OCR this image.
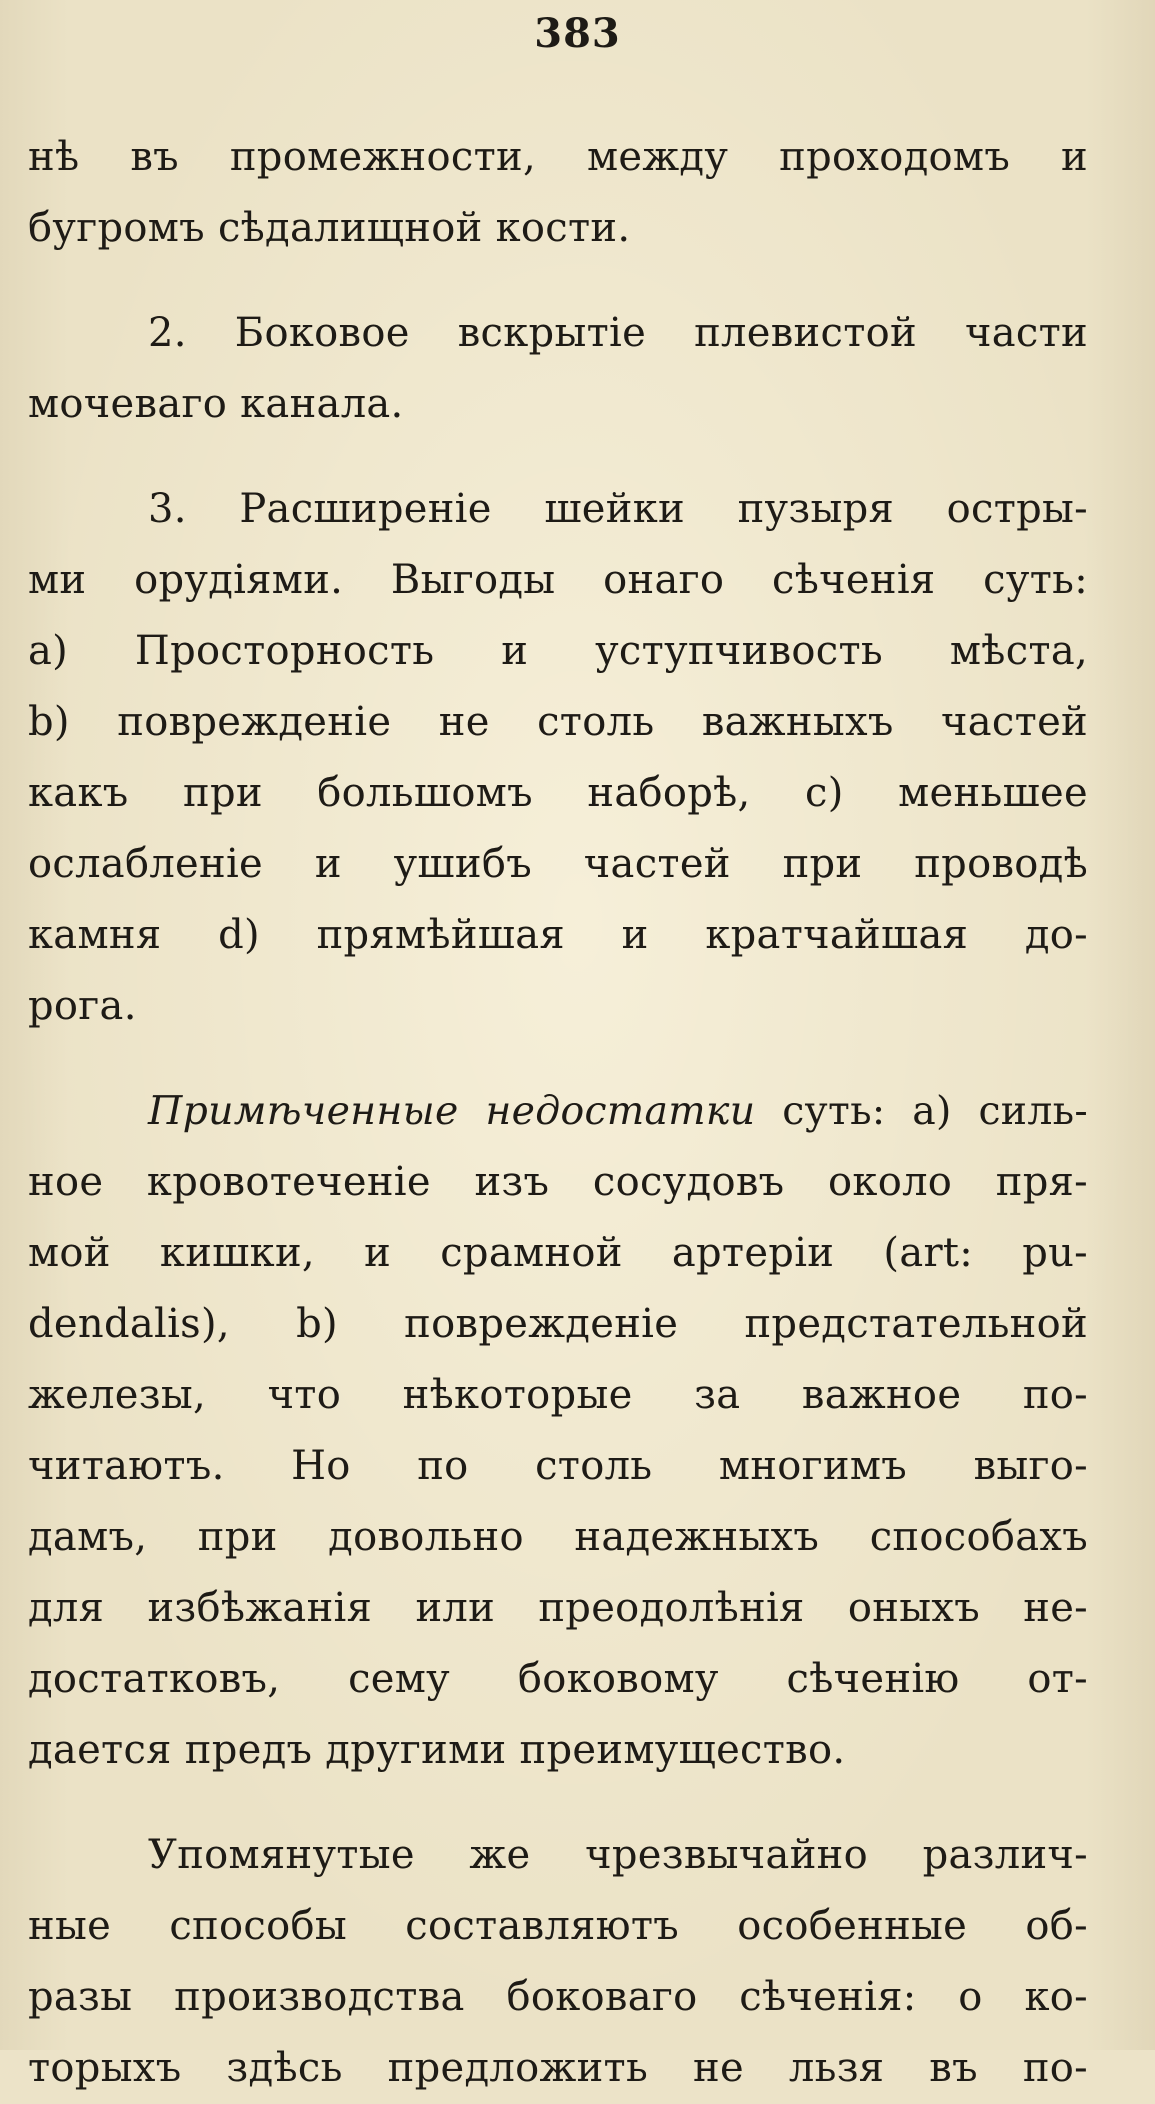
383
нѣ въ промежности, между проходомъ и
бугромъ сѣдалищной кости.
2. Боковое вскрытіе плевистой части
мочеваго канала.
3. Расширеніе шейки пузыря остры-
ми орудіями. Выгоды онаго сѣченія суть:
a) Просторность и уступчивость мѣста,
b) поврежденіе не столь важныхъ частей
какъ при большомъ наборѣ, c) меньшее
ослабленіе и ушибъ частей при проводѣ
камня d) прямѣйшая и кратчайшая до-
рога.
Примѣченные недостатки суть: a) силь-
ное кровотеченіе изъ сосудовъ около пря-
мой кишки, и срамной артеріи (art: pu-
dendalis), b) поврежденіе предстательной
железы, что нѣкоторые за важное по-
читаютъ. Но по столь многимъ выго-
дамъ, при довольно надежныхъ способахъ
для избѣжанія или преодолѣнія оныхъ не-
достатковъ, сему боковому сѣченію от-
дается предъ другими преимущество.
Упомянутые же чрезвычайно различ-
ные способы составляютъ особенные об-
разы производства боковаго сѣченія: о ко-
торыхъ здѣсь предложить не льзя въ по-
